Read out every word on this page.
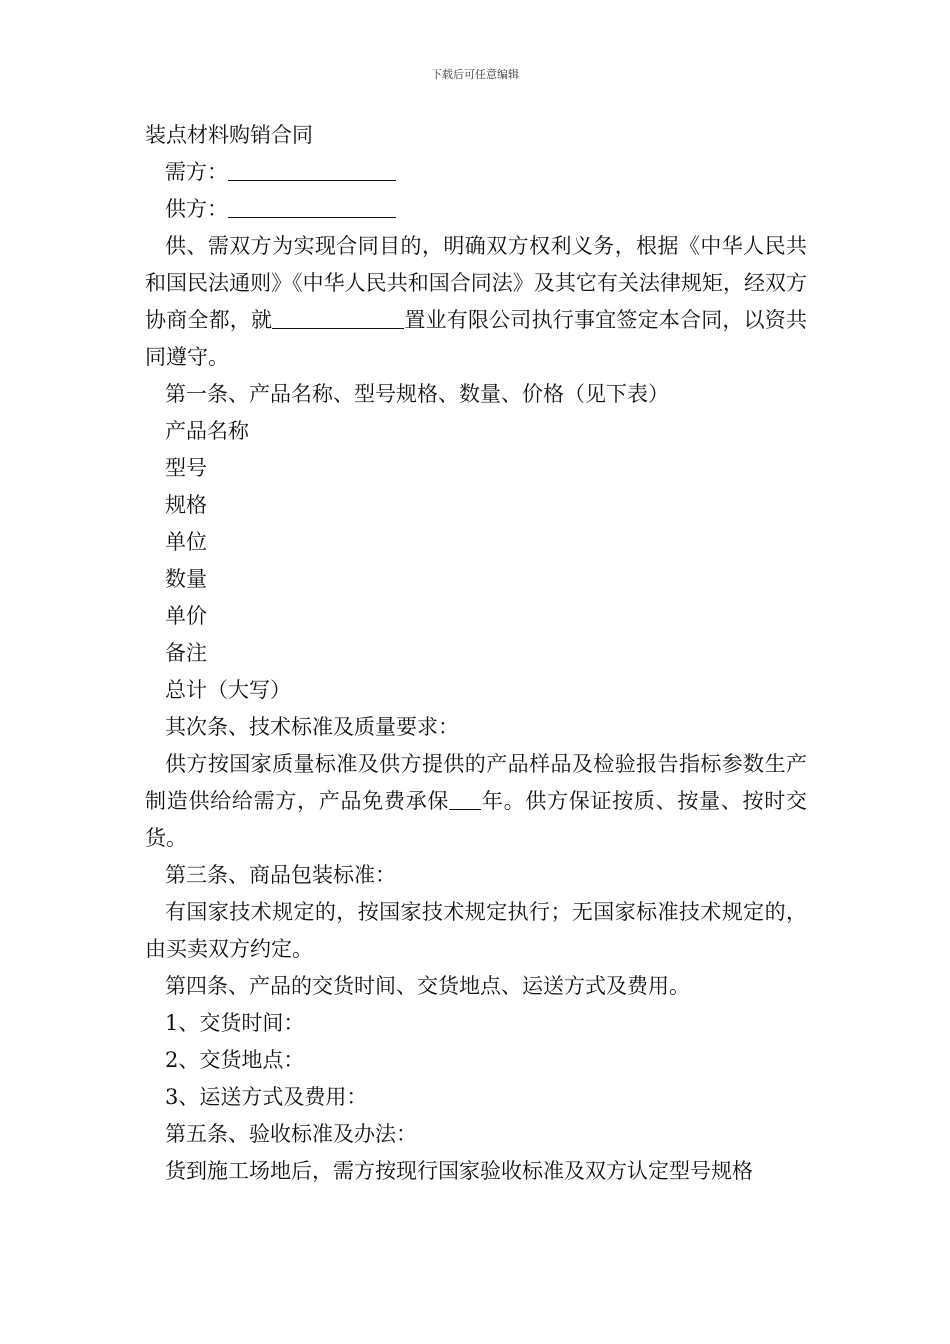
下载后可任意编辑
装点材料购销合同
需方：
供方：
供、需双方为实现合同目的，明确双方权利义务，根据《中华人民共和国民法通则》《中华人民共和国合同法》及其它有关法律规矩，经双方协商全都，就	置业有限公司执行事宜签定本合同，以资共同遵守。
第一条、产品名称、型号规格、数量、价格（见下表）
产品名称
型号
规格
单位
数量
单价
备注
总计（大写）
其次条、技术标准及质量要求：
供方按国家质量标准及供方提供的产品样品及检验报告指标参数生产制造供给给需方，产品免费承保 年。供方保证按质、按量、按时交货。
第三条、商品包装标准：
有国家技术规定的，按国家技术规定执行；无国家标准技术规定的，由买卖双方约定。
第四条、产品的交货时间、交货地点、运送方式及费用。
1、交货时间：
2、交货地点：
3、运送方式及费用：
第五条、验收标准及办法：
货到施工场地后，需方按现行国家验收标准及双方认定型号规格
